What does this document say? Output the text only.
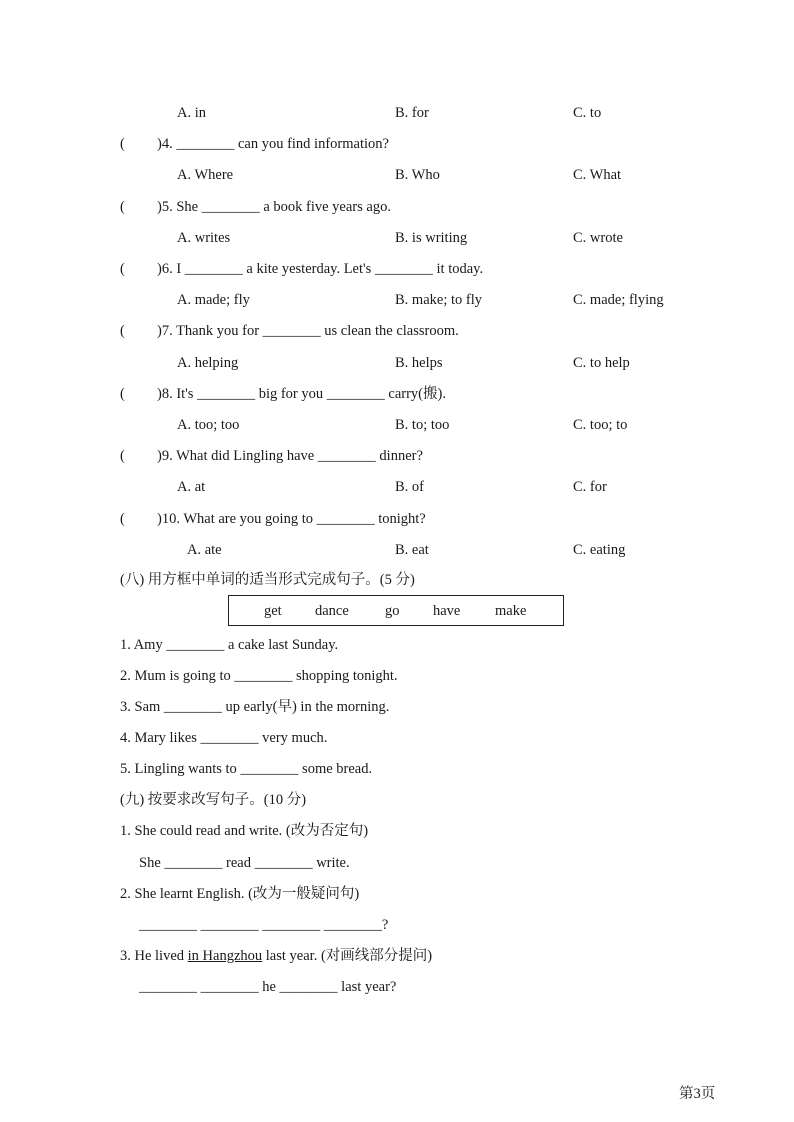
A. in	B. for	C. to
( )4. ________ can you find information?
A. Where	B. Who	C. What
( )5. She ________ a book five years ago.
A. writes	B. is writing	C. wrote
( )6. I ________ a kite yesterday. Let's ________ it today.
A. made; fly	B. make; to fly	C. made; flying
( )7. Thank you for ________ us clean the classroom.
A. helping	B. helps	C. to help
( )8. It's ________ big for you ________ carry(搬).
A. too; too	B. to; too	C. too; to
( )9. What did Lingling have ________ dinner?
A. at	B. of	C. for
( )10. What are you going to ________ tonight?
A. ate	B. eat	C. eating
(八) 用方框中单词的适当形式完成句子。(5 分)
get dance go have make
1. Amy ________ a cake last Sunday.
2. Mum is going to ________ shopping tonight.
3. Sam ________ up early(早) in the morning.
4. Mary likes ________ very much.
5. Lingling wants to ________ some bread.
(九) 按要求改写句子。(10 分)
1. She could read and write. (改为否定句)
She ________ read ________ write.
2. She learnt English. (改为一般疑问句)
________ ________ ________ ________?
3. He lived in Hangzhou last year. (对画线部分提问)
________ ________ he ________ last year?
第3页
